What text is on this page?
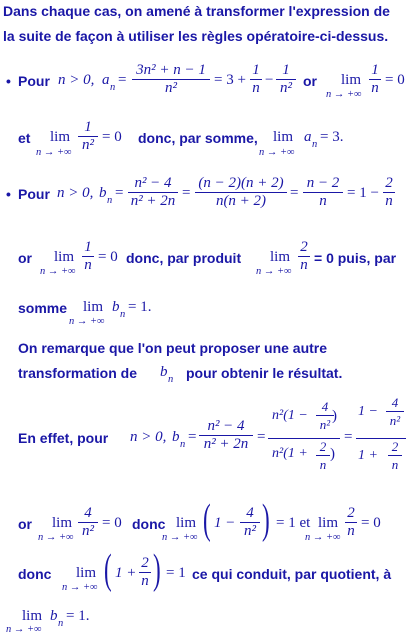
Dans chaque cas, on amené à transformer l'expression de
la suite de façon à utiliser les règles opératoire-ci-dessus.
• Pour n > 0, a $n = \frac{\text{3n² + n − 1}}{\text{n²}} = 3 + \frac{1}{n} - \frac{1}{\text{n²}}$ or lim
n → +∞ $\frac{1}{n} = 0$
et lim
n → +∞ $\frac{1}{\text{n²}} = 0$ donc, par somme, lim
n → +∞
a n = 3.
• Pour n > 0, b $n = \frac{\text{n² − 4}}{\text{n² + 2n}} = \frac{(n - 2)(n + 2)}{n(n + 2)} = \frac{n - 2}{n} = 1 - \frac{2}{n}$
or lim
n → +∞ $\frac{1}{n} = 0$ donc, par produit lim
n → +∞ $\frac{2}{n} = 0$ puis, par
somme lim
n → +∞
b n = 1.
On remarque que l'on peut proposer une autre
transformation de b n pour obtenir le résultat.
En effet, pour n > 0, b $n = \frac{\text{n² − 4}}{\text{n² + 2n}}$ =
$n^2(1 - \frac{4}{\text{n²}}$
)
$n^2(1 + \frac{2}{n}$ )
=
$1 - \frac{4}{\text{n²}}$
$1 + \frac{2}{n}$
or lim
n → +∞ $\frac{4}{\text{n²}} = 0$ donc lim
n → +∞ ( $1 - \frac{4}{\text{n²}}$ ) = 1 et lim
n → +∞ $\frac{2}{n} = 0$
donc lim
n → +∞ ( $1 + \frac{2}{n}$ ) = 1 ce qui conduit, par quotient, à
lim
n → +∞
b n = 1.
